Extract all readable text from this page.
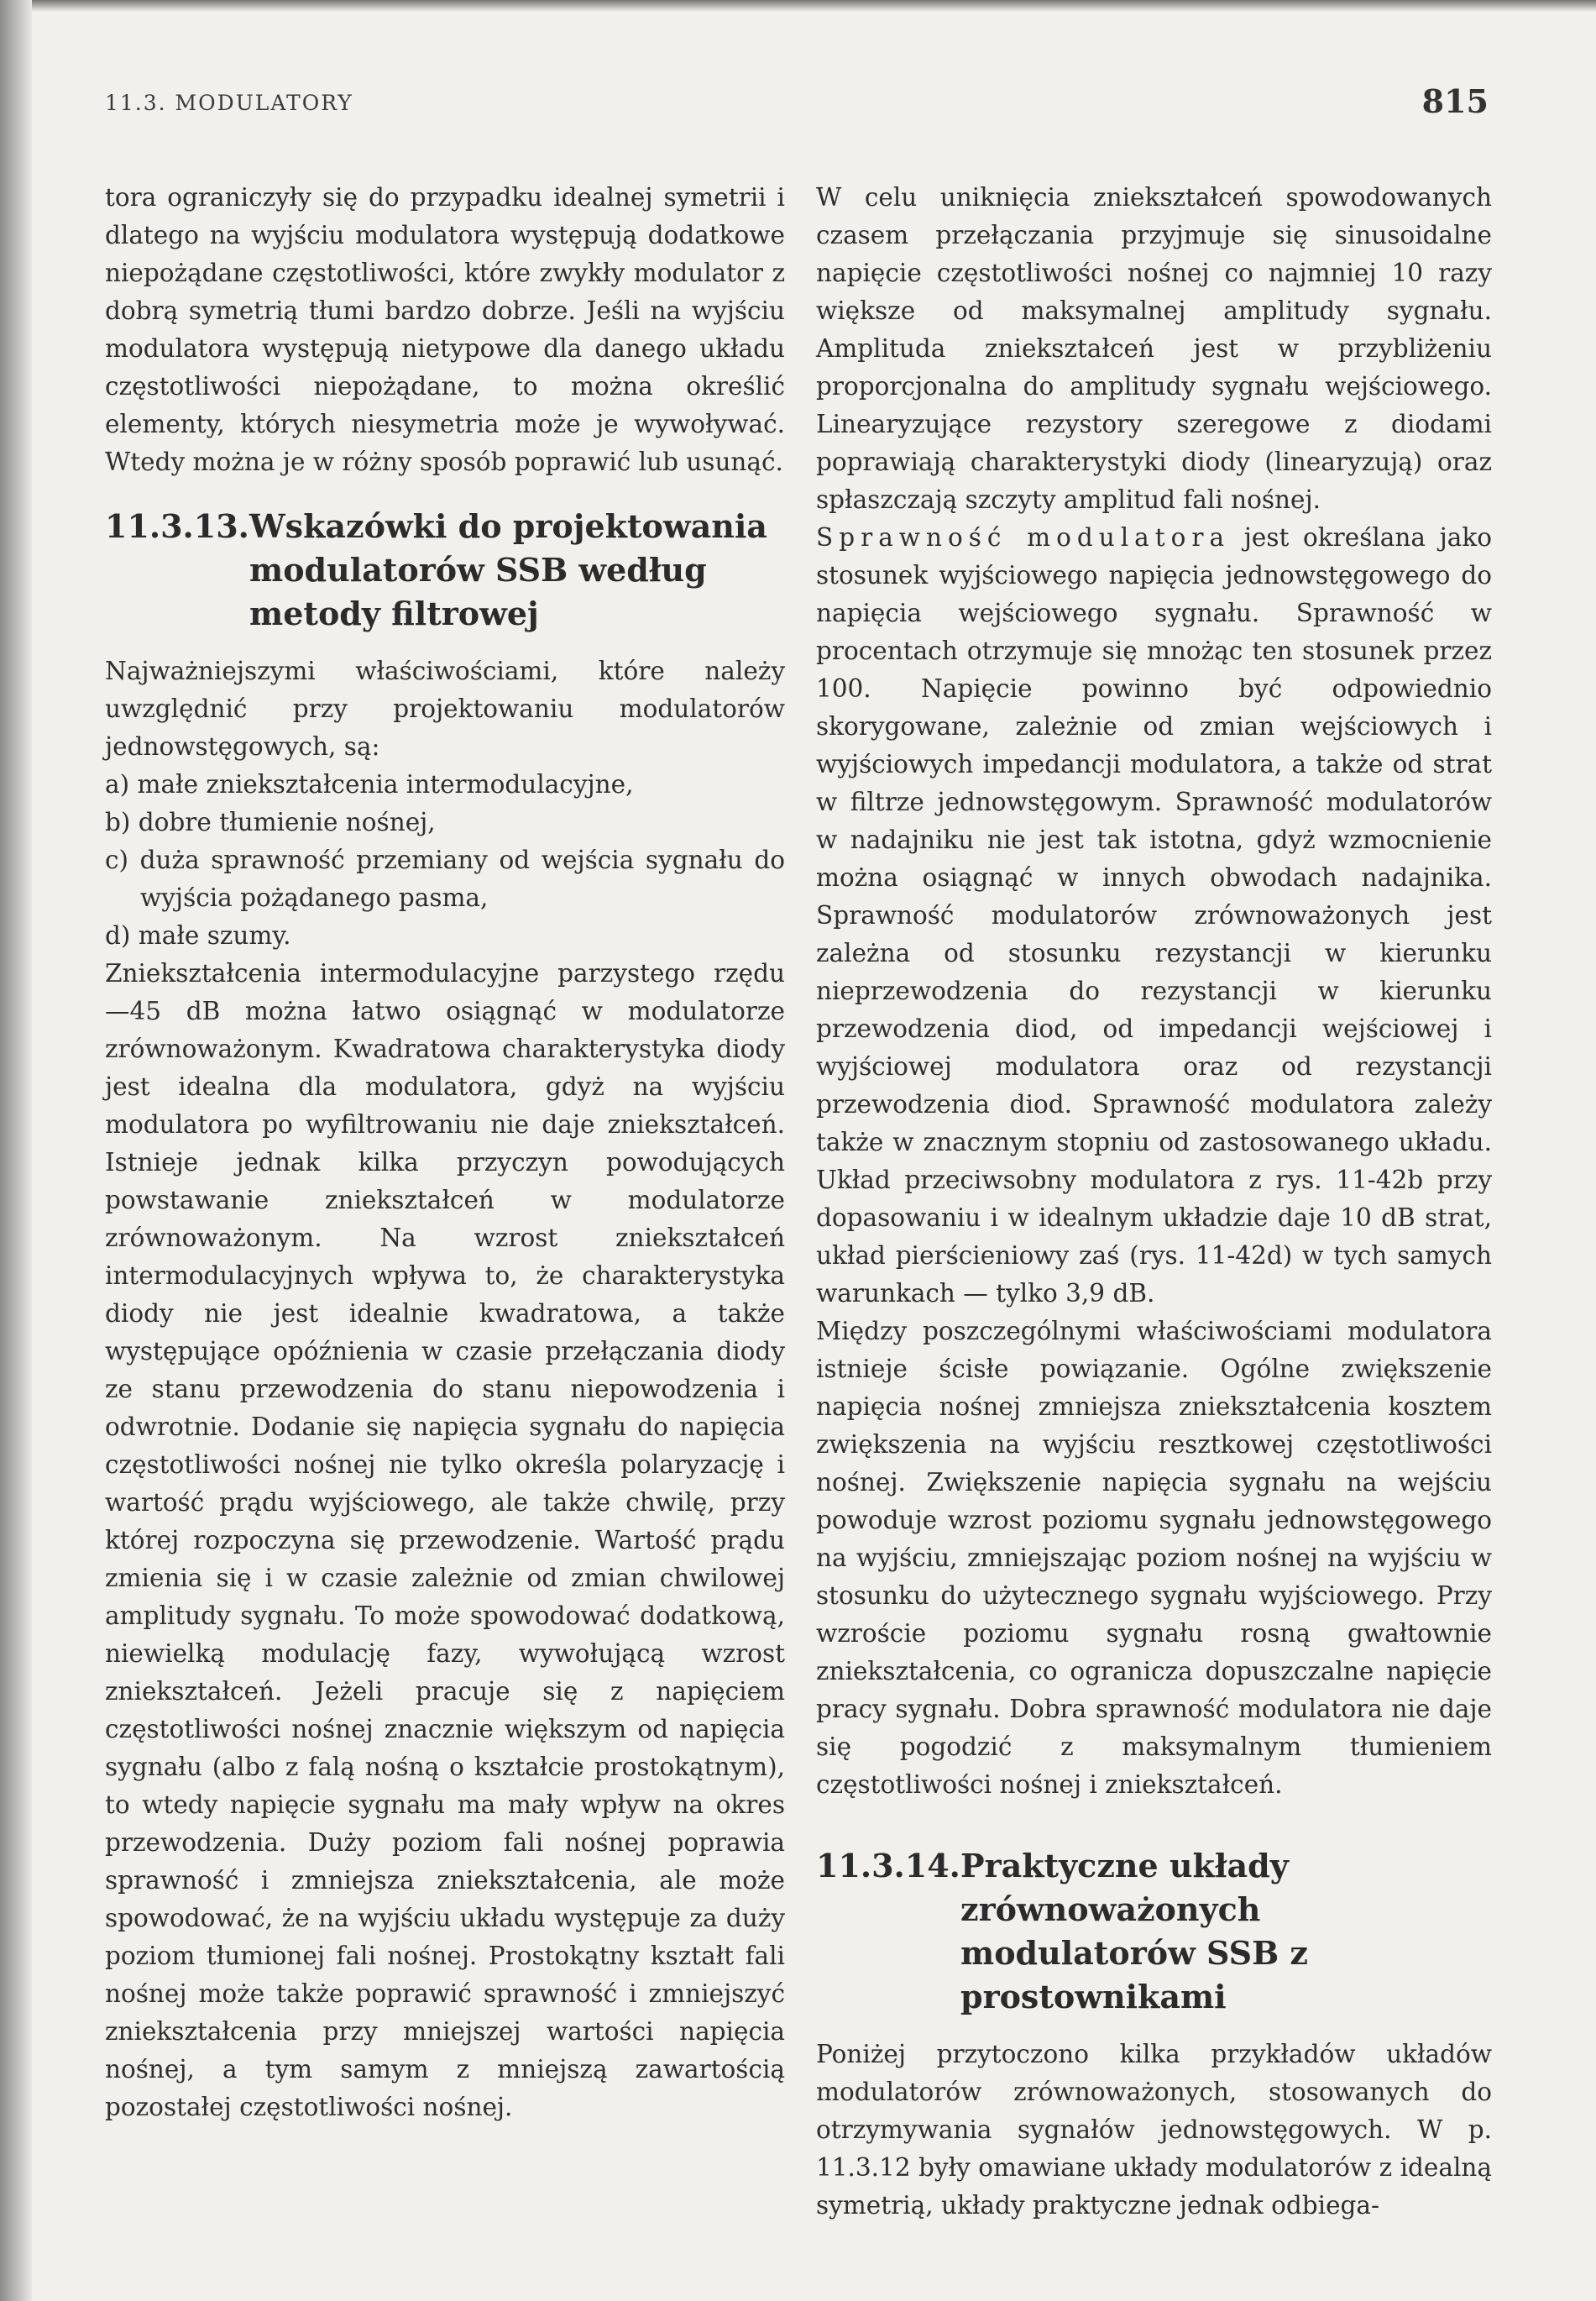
11.3. MODULATORY	815

tora ograniczyły się do przypadku idealnej symetrii i dlatego na wyjściu modulatora występują dodatkowe niepożądane częstotliwości, które zwykły modulator z dobrą symetrią tłumi bardzo dobrze. Jeśli na wyjściu modulatora występują nietypowe dla danego układu częstotliwości niepożądane, to można określić elementy, których niesymetria może je wywoływać. Wtedy można je w różny sposób poprawić lub usunąć.

11.3.13. Wskazówki do projektowania modulatorów SSB według metody filtrowej

Najważniejszymi właściwościami, które należy uwzględnić przy projektowaniu modulatorów jednowstęgowych, są:

a) małe zniekształcenia intermodulacyjne,

b) dobre tłumienie nośnej,

c) duża sprawność przemiany od wejścia sygnału do wyjścia pożądanego pasma,

d) małe szumy.

Zniekształcenia intermodulacyjne parzystego rzędu —45 dB można łatwo osiągnąć w modulatorze zrównoważonym. Kwadratowa charakterystyka diody jest idealna dla modulatora, gdyż na wyjściu modulatora po wyfiltrowaniu nie daje zniekształceń. Istnieje jednak kilka przyczyn powodujących powstawanie zniekształceń w modulatorze zrównoważonym. Na wzrost zniekształceń intermodulacyjnych wpływa to, że charakterystyka diody nie jest idealnie kwadratowa, a także występujące opóźnienia w czasie przełączania diody ze stanu przewodzenia do stanu niepowodzenia i odwrotnie. Dodanie się napięcia sygnału do napięcia częstotliwości nośnej nie tylko określa polaryzację i wartość prądu wyjściowego, ale także chwilę, przy której rozpoczyna się przewodzenie. Wartość prądu zmienia się i w czasie zależnie od zmian chwilowej amplitudy sygnału. To może spowodować dodatkową, niewielką modulację fazy, wywołującą wzrost zniekształceń. Jeżeli pracuje się z napięciem częstotliwości nośnej znacznie większym od napięcia sygnału (albo z falą nośną o kształcie prostokątnym), to wtedy napięcie sygnału ma mały wpływ na okres przewodzenia. Duży poziom fali nośnej poprawia sprawność i zmniejsza zniekształcenia, ale może spowodować, że na wyjściu układu występuje za duży poziom tłumionej fali nośnej. Prostokątny kształt fali nośnej może także poprawić sprawność i zmniejszyć zniekształcenia przy mniejszej wartości napięcia nośnej, a tym samym z mniejszą zawartością pozostałej częstotliwości nośnej.

W celu uniknięcia zniekształceń spowodowanych czasem przełączania przyjmuje się sinusoidalne napięcie częstotliwości nośnej co najmniej 10 razy większe od maksymalnej amplitudy sygnału. Amplituda zniekształceń jest w przybliżeniu proporcjonalna do amplitudy sygnału wejściowego. Linearyzujące rezystory szeregowe z diodami poprawiają charakterystyki diody (linearyzują) oraz spłaszczają szczyty amplitud fali nośnej.

Sprawność modulatora jest określana jako stosunek wyjściowego napięcia jednowstęgowego do napięcia wejściowego sygnału. Sprawność w procentach otrzymuje się mnożąc ten stosunek przez 100. Napięcie powinno być odpowiednio skorygowane, zależnie od zmian wejściowych i wyjściowych impedancji modulatora, a także od strat w filtrze jednowstęgowym. Sprawność modulatorów w nadajniku nie jest tak istotna, gdyż wzmocnienie można osiągnąć w innych obwodach nadajnika. Sprawność modulatorów zrównoważonych jest zależna od stosunku rezystancji w kierunku nieprzewodzenia do rezystancji w kierunku przewodzenia diod, od impedancji wejściowej i wyjściowej modulatora oraz od rezystancji przewodzenia diod. Sprawność modulatora zależy także w znacznym stopniu od zastosowanego układu. Układ przeciwsobny modulatora z rys. 11-42b przy dopasowaniu i w idealnym układzie daje 10 dB strat, układ pierścieniowy zaś (rys. 11-42d) w tych samych warunkach — tylko 3,9 dB.

Między poszczególnymi właściwościami modulatora istnieje ścisłe powiązanie. Ogólne zwiększenie napięcia nośnej zmniejsza zniekształcenia kosztem zwiększenia na wyjściu resztkowej częstotliwości nośnej. Zwiększenie napięcia sygnału na wejściu powoduje wzrost poziomu sygnału jednowstęgowego na wyjściu, zmniejszając poziom nośnej na wyjściu w stosunku do użytecznego sygnału wyjściowego. Przy wzroście poziomu sygnału rosną gwałtownie zniekształcenia, co ogranicza dopuszczalne napięcie pracy sygnału. Dobra sprawność modulatora nie daje się pogodzić z maksymalnym tłumieniem częstotliwości nośnej i zniekształceń.

11.3.14. Praktyczne układy zrównoważonych modulatorów SSB z prostownikami

Poniżej przytoczono kilka przykładów układów modulatorów zrównoważonych, stosowanych do otrzymywania sygnałów jednowstęgowych. W p. 11.3.12 były omawiane układy modulatorów z idealną symetrią, układy praktyczne jednak odbiega-
